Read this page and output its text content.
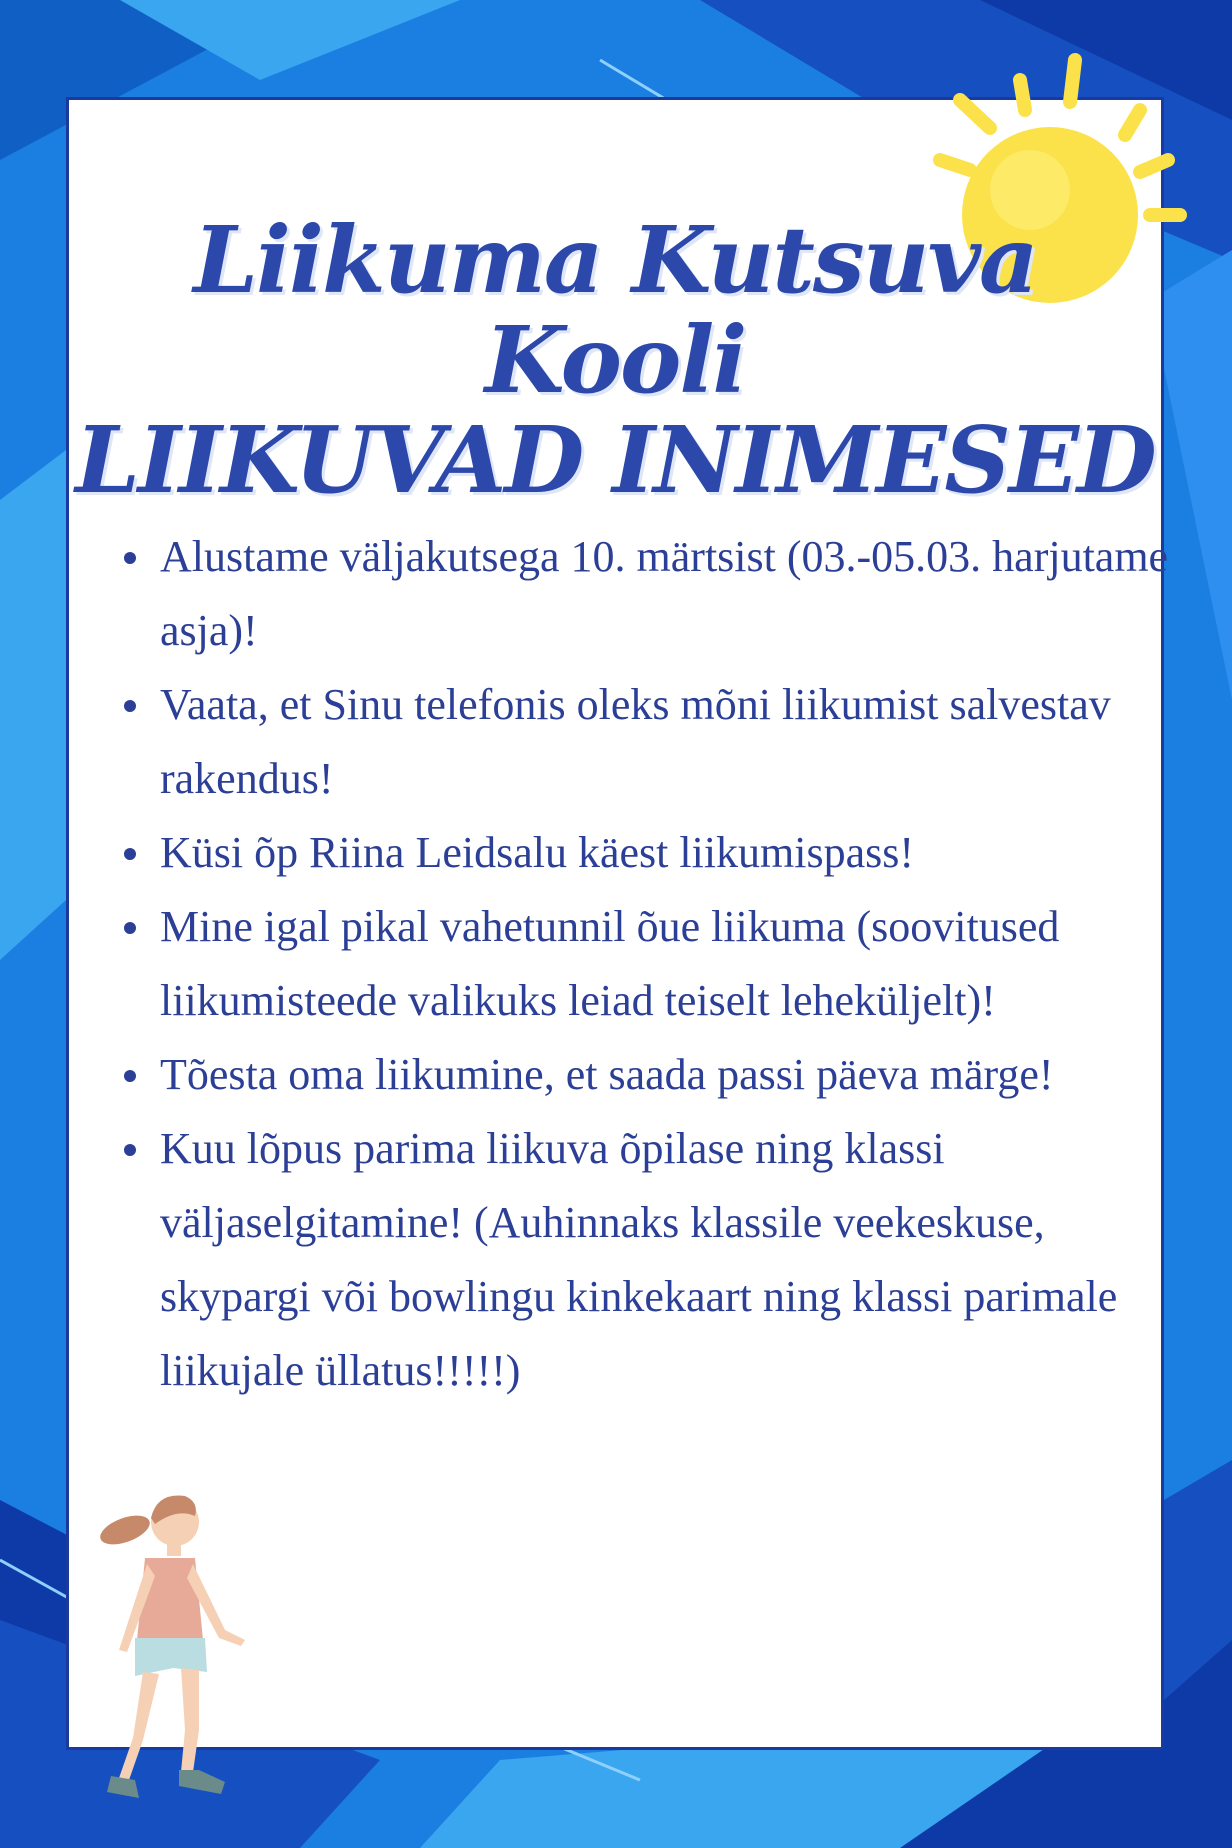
Liikuma Kutsuva Kooli
LIIKUVAD INIMESED
Alustame väljakutsega 10. märtsist (03.-05.03. harjutame asja)!
Vaata, et Sinu telefonis oleks mõni liikumist salvestav rakendus!
Küsi õp Riina Leidsalu käest liikumispass!
Mine igal pikal vahetunnil õue liikuma (soovitused liikumisteede valikuks leiad teiselt leheküljelt)!
Tõesta oma liikumine, et saada passi päeva märge!
Kuu lõpus parima liikuva õpilase ning klassi väljaselgitamine! (Auhinnaks klassile veekeskuse, skypargi või bowlingu kinkekaart ning klassi parimale liikujale üllatus!!!!!)
